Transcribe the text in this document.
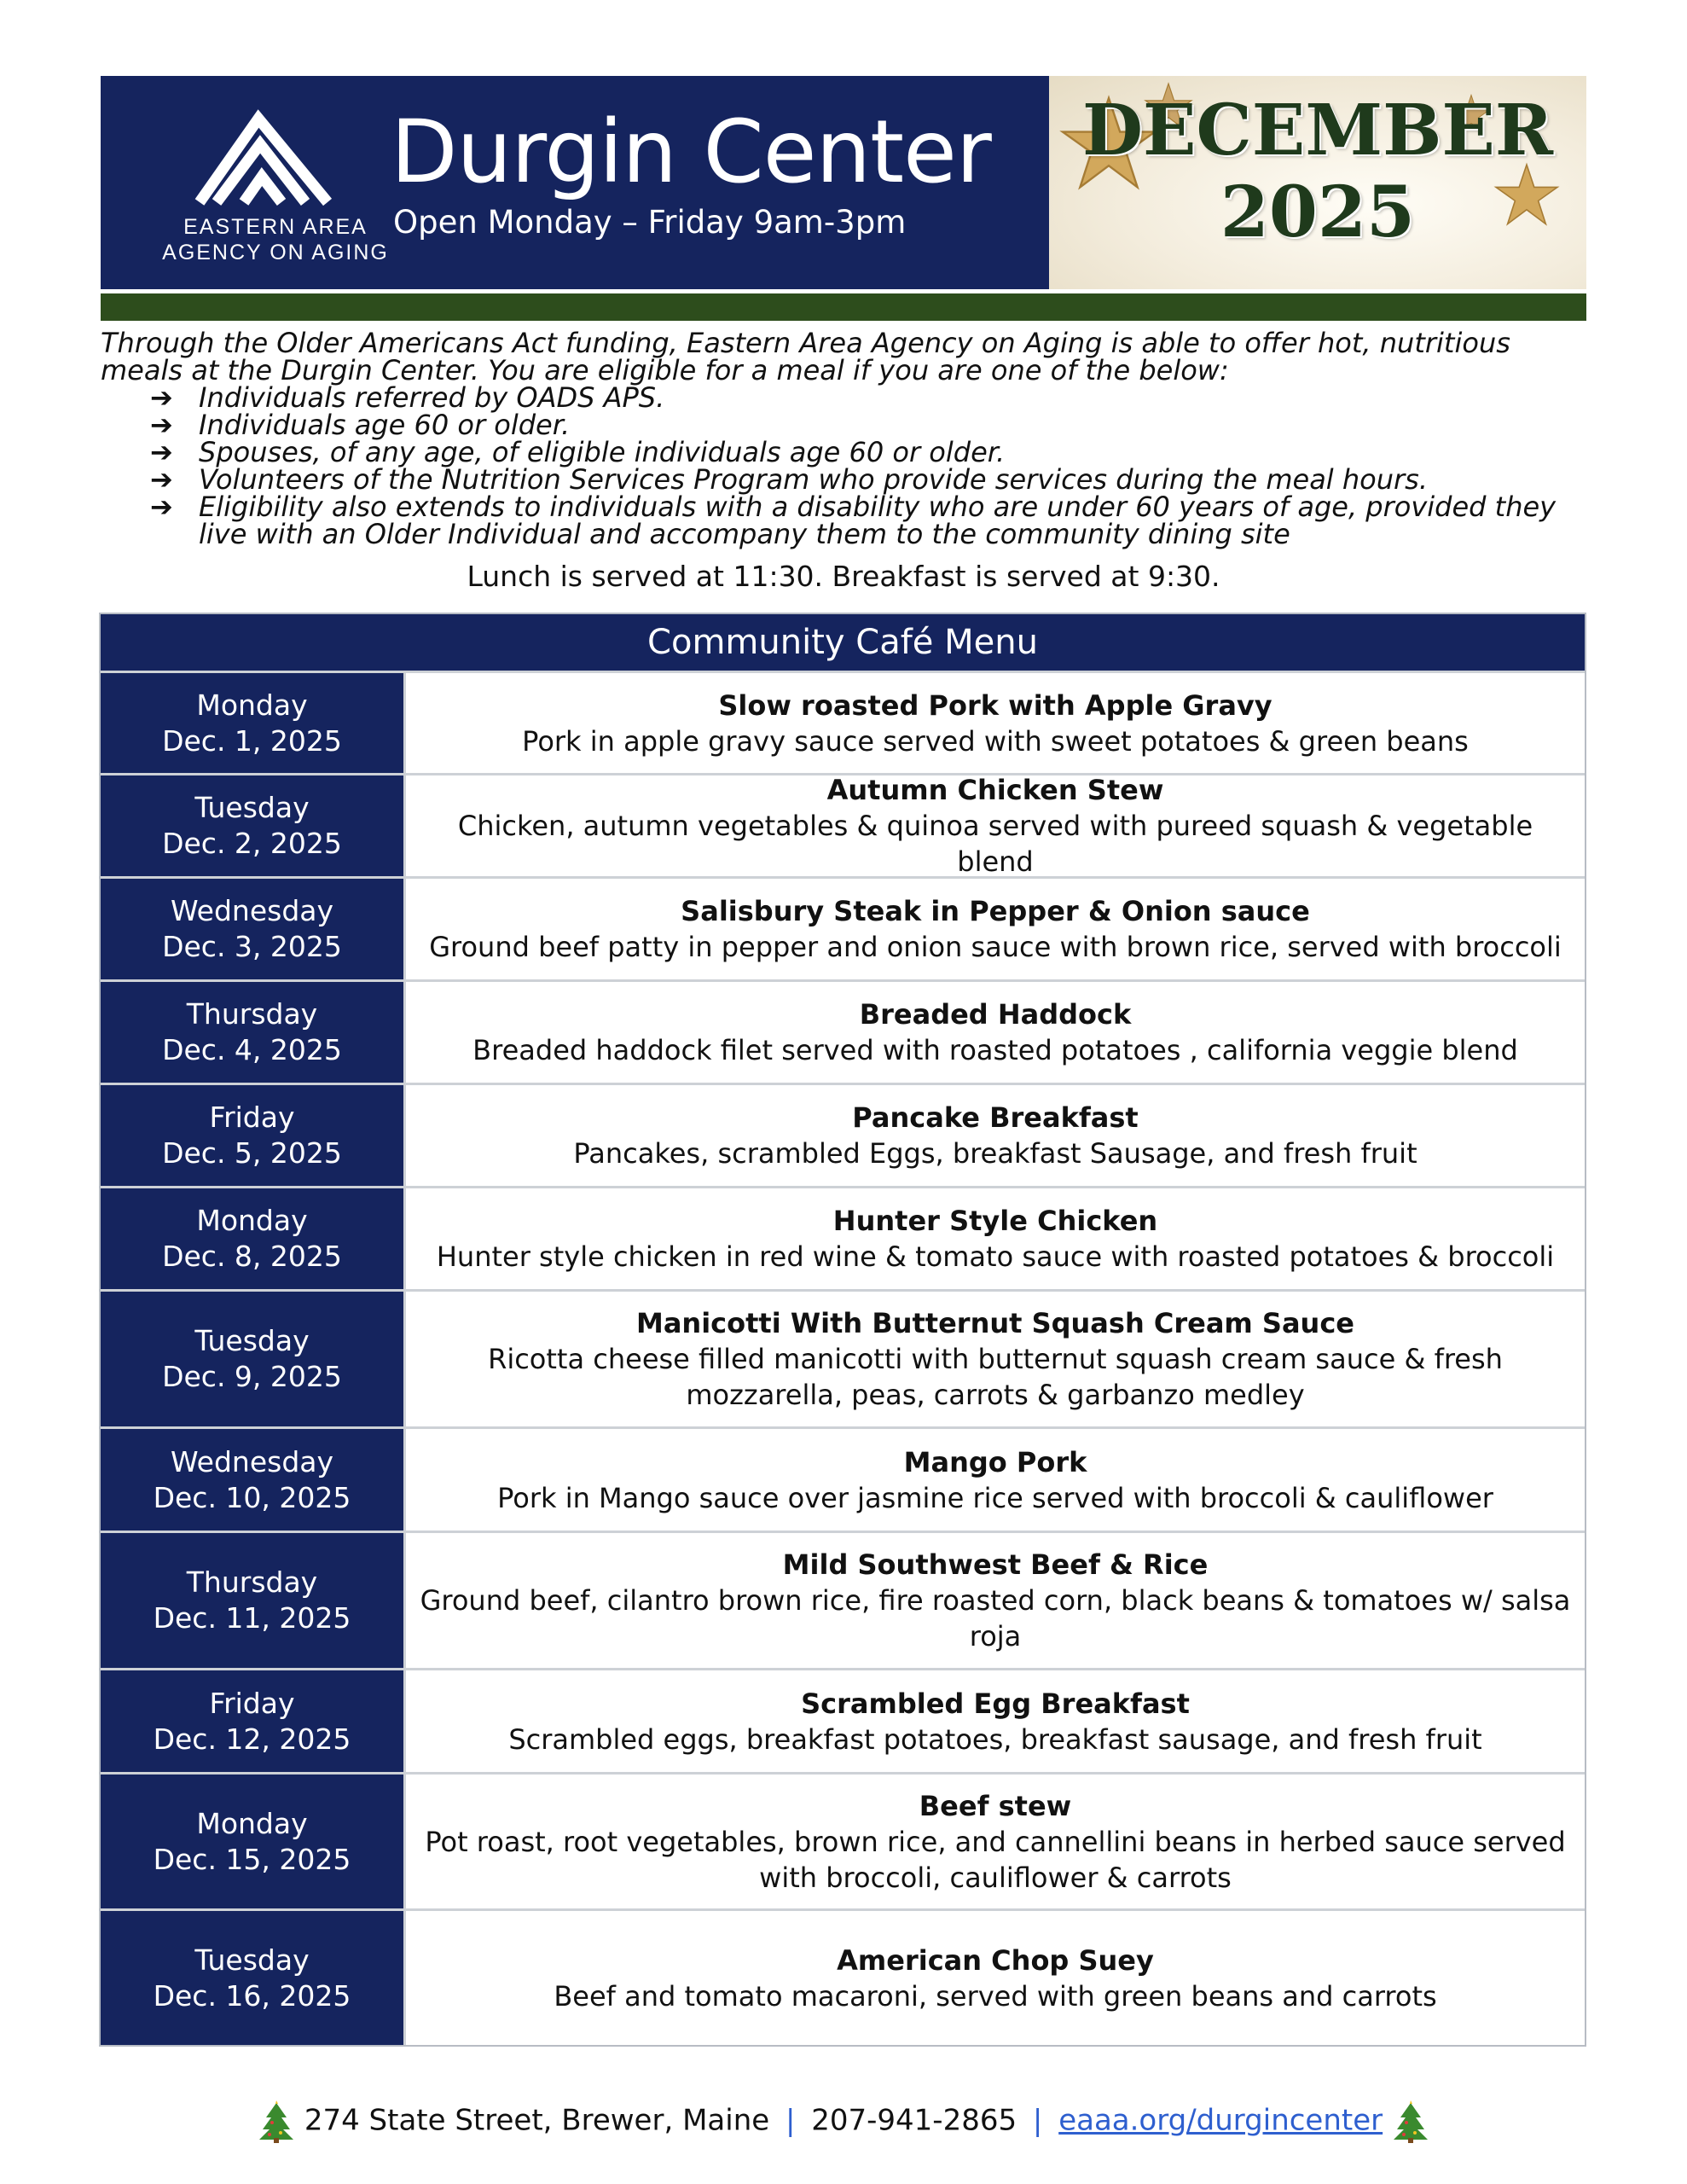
EASTERN AREA
AGENCY ON AGING
Durgin Center
Open Monday – Friday 9am-3pm
DECEMBER
2025

Through the Older Americans Act funding, Eastern Area Agency on Aging is able to offer hot, nutritious meals at the Durgin Center. You are eligible for a meal if you are one of the below:

➔ Individuals referred by OADS APS.
➔ Individuals age 60 or older.
➔ Spouses, of any age, of eligible individuals age 60 or older.
➔ Volunteers of the Nutrition Services Program who provide services during the meal hours.
➔ Eligibility also extends to individuals with a disability who are under 60 years of age, provided they live with an Older Individual and accompany them to the community dining site
Lunch is served at 11:30. Breakfast is served at 9:30.
Community Café Menu
Monday
Dec. 1, 2025
Slow roasted Pork with Apple Gravy
Pork in apple gravy sauce served with sweet potatoes & green beans
Tuesday
Dec. 2, 2025
Autumn Chicken Stew
Chicken, autumn vegetables & quinoa served with pureed squash & vegetable blend
Wednesday
Dec. 3, 2025
Salisbury Steak in Pepper & Onion sauce
Ground beef patty in pepper and onion sauce with brown rice, served with broccoli
Thursday
Dec. 4, 2025
Breaded Haddock
Breaded haddock filet served with roasted potatoes , california veggie blend
Friday
Dec. 5, 2025
Pancake Breakfast
Pancakes, scrambled Eggs, breakfast Sausage, and fresh fruit
Monday
Dec. 8, 2025
Hunter Style Chicken
Hunter style chicken in red wine & tomato sauce with roasted potatoes & broccoli
Tuesday
Dec. 9, 2025
Manicotti With Butternut Squash Cream Sauce
Ricotta cheese filled manicotti with butternut squash cream sauce & fresh mozzarella, peas, carrots & garbanzo medley
Wednesday
Dec. 10, 2025
Mango Pork
Pork in Mango sauce over jasmine rice served with broccoli & cauliflower
Thursday
Dec. 11, 2025
Mild Southwest Beef & Rice
Ground beef, cilantro brown rice, fire roasted corn, black beans & tomatoes w/ salsa roja
Friday
Dec. 12, 2025
Scrambled Egg Breakfast
Scrambled eggs, breakfast potatoes, breakfast sausage, and fresh fruit
Monday
Dec. 15, 2025
Beef stew
Pot roast, root vegetables, brown rice, and cannellini beans in herbed sauce served with broccoli, cauliflower & carrots
Tuesday
Dec. 16, 2025
American Chop Suey
Beef and tomato macaroni, served with green beans and carrots
274 State Street, Brewer, Maine | 207-941-2865 | eaaa.org/durgincenter
